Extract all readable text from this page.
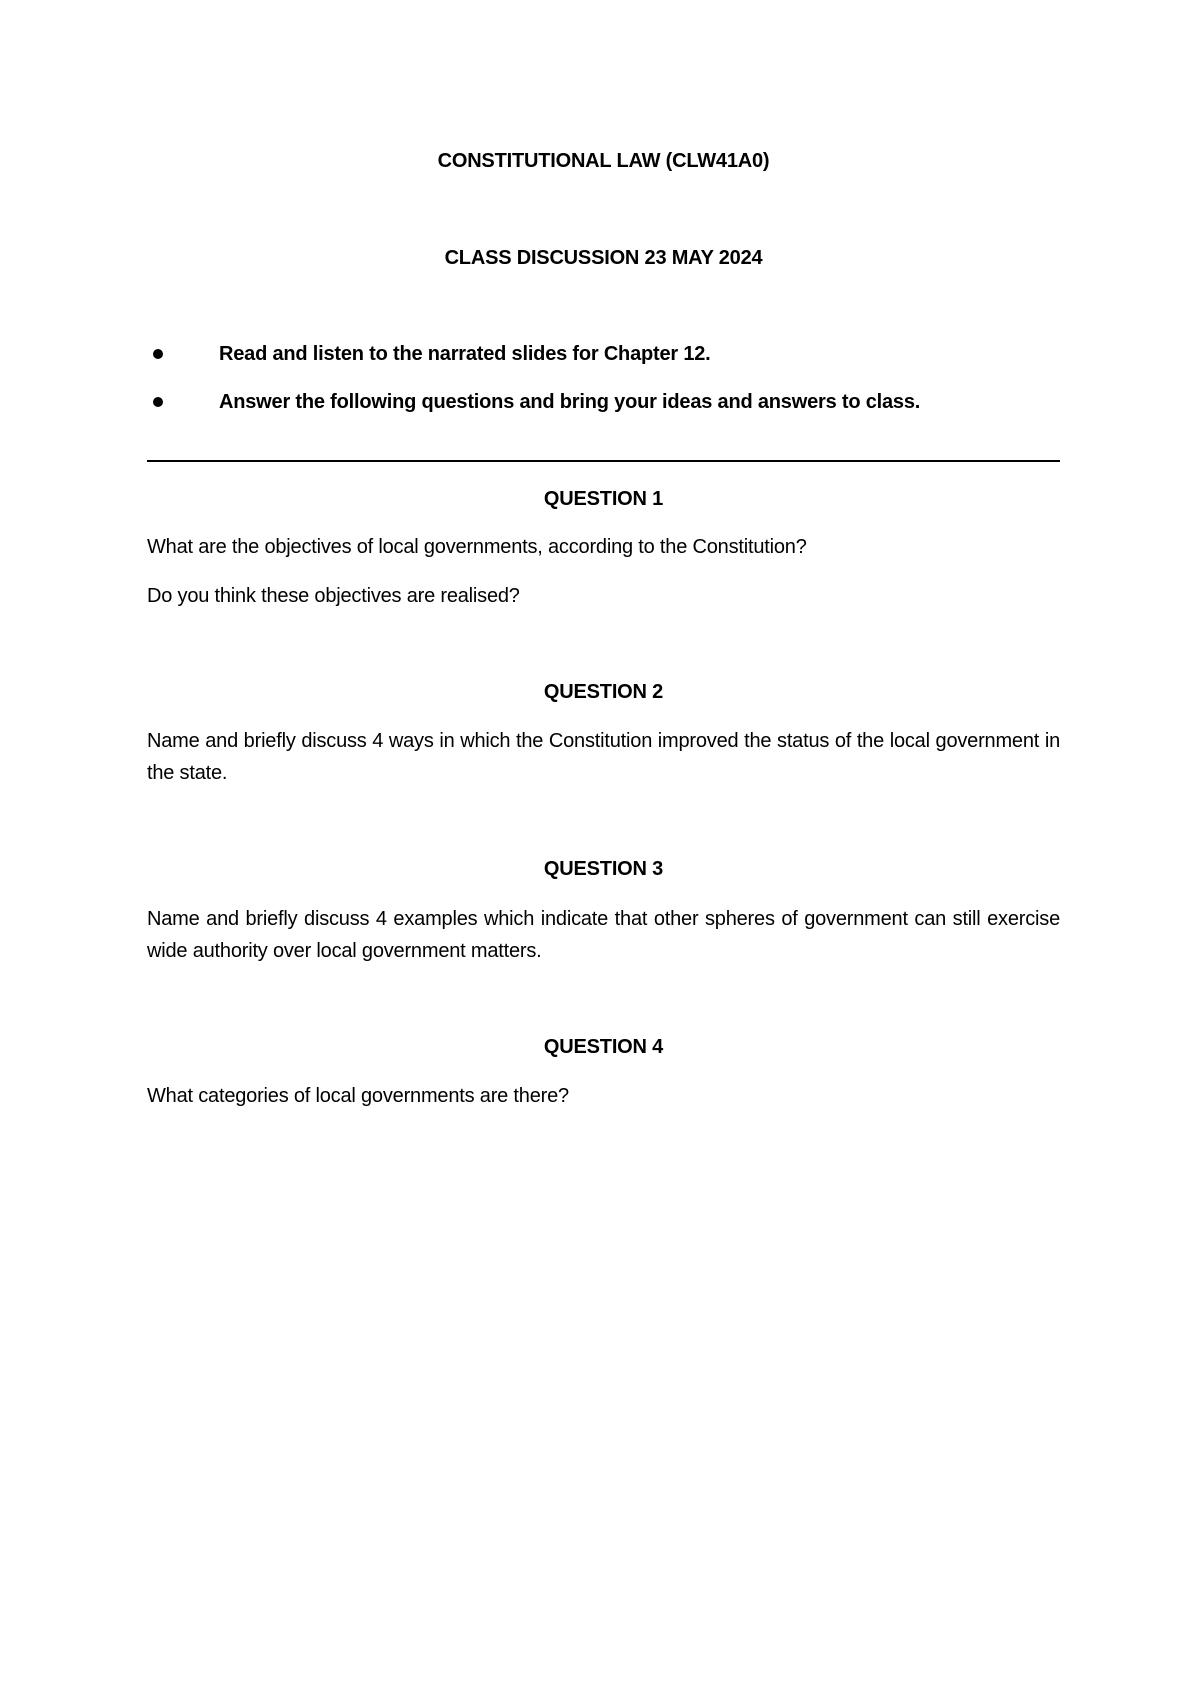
CONSTITUTIONAL LAW (CLW41A0)
CLASS DISCUSSION 23 MAY 2024
Read and listen to the narrated slides for Chapter 12.
Answer the following questions and bring your ideas and answers to class.
QUESTION 1
What are the objectives of local governments, according to the Constitution?
Do you think these objectives are realised?
QUESTION 2
Name and briefly discuss 4 ways in which the Constitution improved the status of the local government in the state.
QUESTION 3
Name and briefly discuss 4 examples which indicate that other spheres of government can still exercise wide authority over local government matters.
QUESTION 4
What categories of local governments are there?
